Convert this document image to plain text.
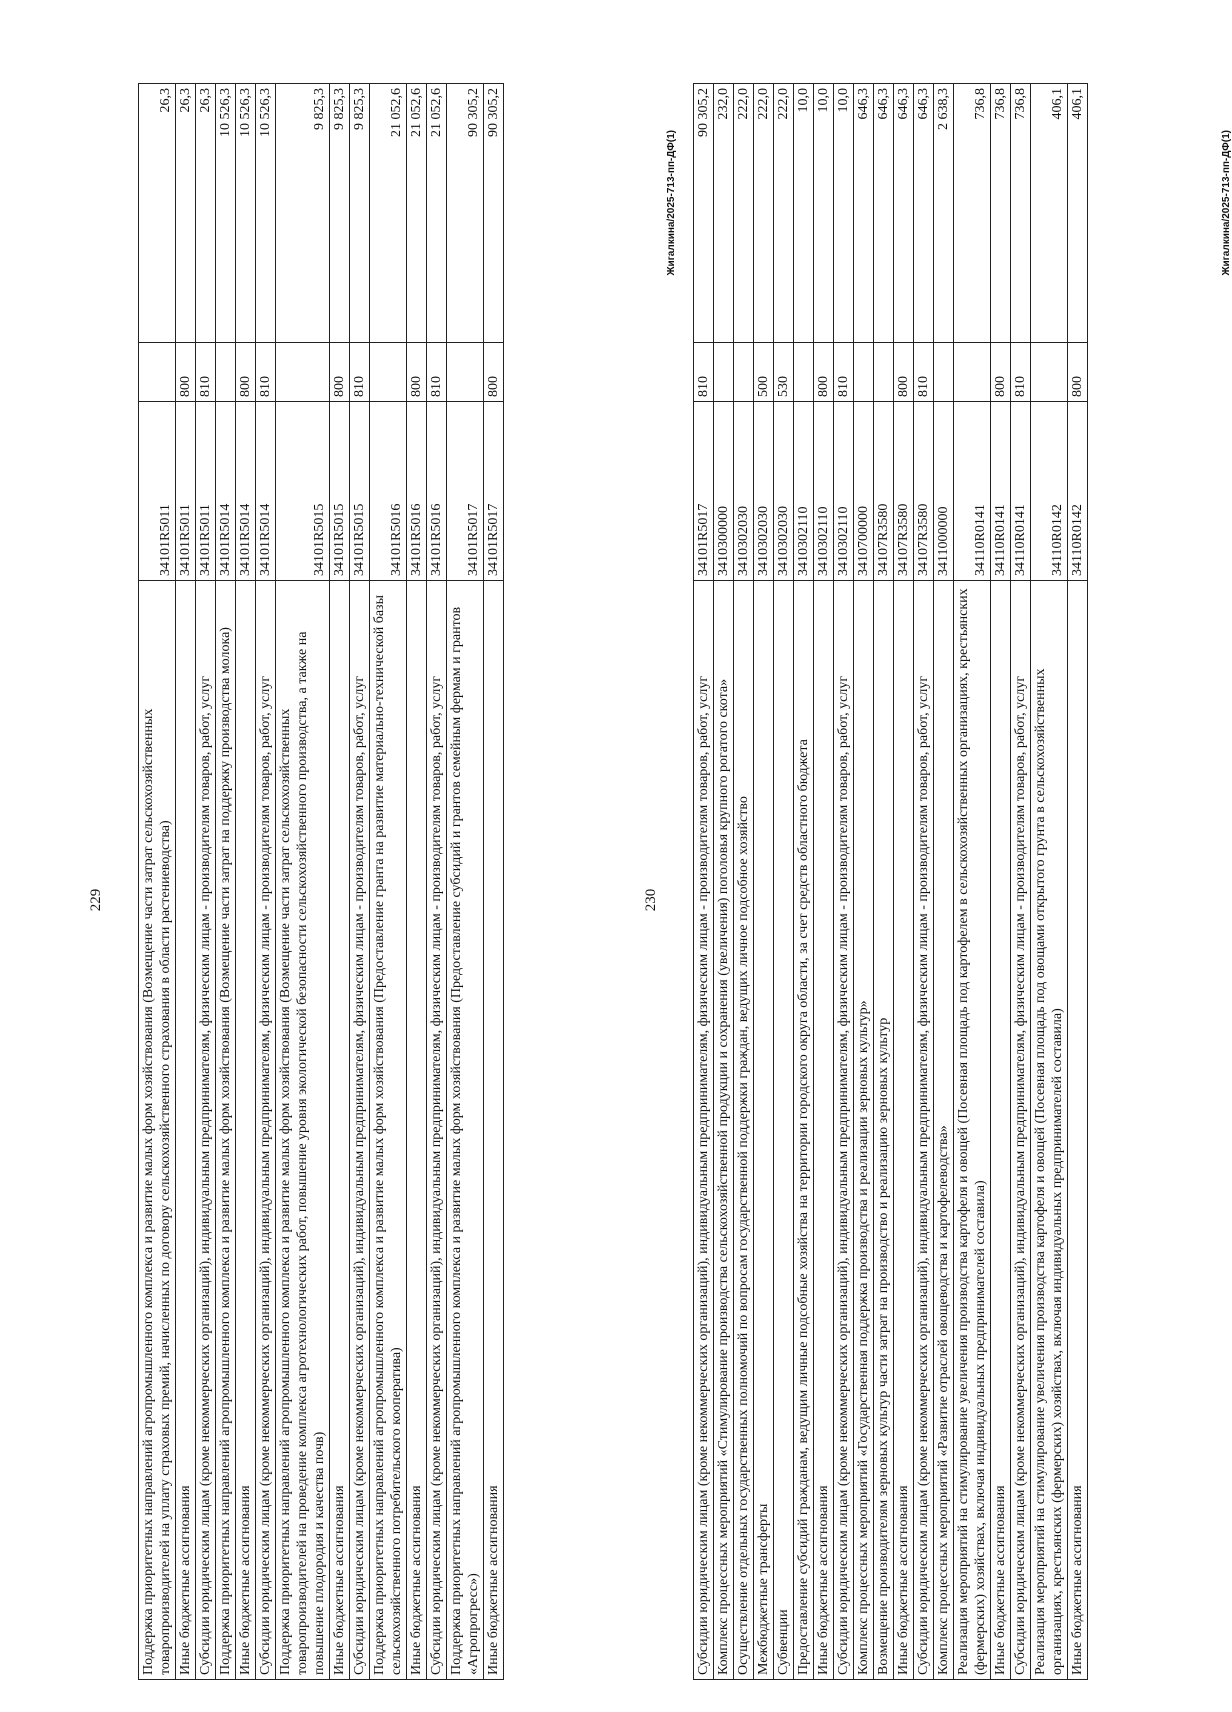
229	Поддержка приоритетных направлений агропромышленного комплекса и развитие малых форм хозяйствования (Возмещение части затрат сельскохозяйственных товаропроизводителей на уплату страховых премий, начисленных по договору сельскохозяйственного страхования в области растениеводства)	34101R5011		26,3
Иные бюджетные ассигнования	34101R5011	800	26,3
Субсидии юридическим лицам (кроме некоммерческих организаций), индивидуальным предпринимателям, физическим лицам - производителям товаров, работ, услуг	34101R5011	810	26,3
Поддержка приоритетных направлений агропромышленного комплекса и развитие малых форм хозяйствования (Возмещение части затрат на поддержку производства молока)	34101R5014		10 526,3
Иные бюджетные ассигнования	34101R5014	800	10 526,3
Субсидии юридическим лицам (кроме некоммерческих организаций), индивидуальным предпринимателям, физическим лицам - производителям товаров, работ, услуг	34101R5014	810	10 526,3
Поддержка приоритетных направлений агропромышленного комплекса и развитие малых форм хозяйствования (Возмещение части затрат сельскохозяйственных товаропроизводителей на проведение комплекса агротехнологических работ, повышение уровня экологической безопасности сельскохозяйственного производства, а также на повышение плодородия и качества почв)	34101R5015		9 825,3
Иные бюджетные ассигнования	34101R5015	800	9 825,3
Субсидии юридическим лицам (кроме некоммерческих организаций), индивидуальным предпринимателям, физическим лицам - производителям товаров, работ, услуг	34101R5015	810	9 825,3
Поддержка приоритетных направлений агропромышленного комплекса и развитие малых форм хозяйствования (Предоставление гранта на развитие материально-технической базы сельскохозяйственного потребительского кооператива)	34101R5016		21 052,6
Иные бюджетные ассигнования	34101R5016	800	21 052,6
Субсидии юридическим лицам (кроме некоммерческих организаций), индивидуальным предпринимателям, физическим лицам - производителям товаров, работ, услуг	34101R5016	810	21 052,6
Поддержка приоритетных направлений агропромышленного комплекса и развитие малых форм хозяйствования (Предоставление субсидий и грантов семейным фермам и грантов «Агропрогресс»)	34101R5017		90 305,2
Иные бюджетные ассигнования	34101R5017	800	90 305,2
Жигалкина/2025-713-пп-ДФ(1)
230	Субсидии юридическим лицам (кроме некоммерческих организаций), индивидуальным предпринимателям, физическим лицам - производителям товаров, работ, услуг	34101R5017	810	90 305,2
Комплекс процессных мероприятий «Стимулирование производства сельскохозяйственной продукции и сохранения (увеличения) поголовья крупного рогатого скота»	3410300000		232,0
Осуществление отдельных государственных полномочий по вопросам государственной поддержки граждан, ведущих личное подсобное хозяйство	3410302030		222,0
Межбюджетные трансферты	3410302030	500	222,0
Субвенции	3410302030	530	222,0
Предоставление субсидий гражданам, ведущим личные подсобные хозяйства на территории городского округа области, за счет средств областного бюджета	3410302110		10,0
Иные бюджетные ассигнования	3410302110	800	10,0
Субсидии юридическим лицам (кроме некоммерческих организаций), индивидуальным предпринимателям, физическим лицам - производителям товаров, работ, услуг	3410302110	810	10,0
Комплекс процессных мероприятий «Государственная поддержка производства и реализации зерновых культур»	3410700000		646,3
Возмещение производителям зерновых культур части затрат на производство и реализацию зерновых культур	34107R3580		646,3
Иные бюджетные ассигнования	34107R3580	800	646,3
Субсидии юридическим лицам (кроме некоммерческих организаций), индивидуальным предпринимателям, физическим лицам - производителям товаров, работ, услуг	34107R3580	810	646,3
Комплекс процессных мероприятий «Развитие отраслей овощеводства и картофелеводства»	3411000000		2 638,3
Реализация мероприятий на стимулирование увеличения производства картофеля и овощей (Посевная площадь под картофелем в сельскохозяйственных организациях, крестьянских (фермерских) хозяйствах, включая индивидуальных предпринимателей составила)	34110R0141		736,8
Иные бюджетные ассигнования	34110R0141	800	736,8
Субсидии юридическим лицам (кроме некоммерческих организаций), индивидуальным предпринимателям, физическим лицам - производителям товаров, работ, услуг	34110R0141	810	736,8
Реализация мероприятий на стимулирование увеличения производства картофеля и овощей (Посевная площадь под овощами открытого грунта в сельскохозяйственных организациях, крестьянских (фермерских) хозяйствах, включая индивидуальных предпринимателей составила)	34110R0142		406,1
Иные бюджетные ассигнования	34110R0142	800	406,1
Жигалкина/2025-713-пп-ДФ(1)
